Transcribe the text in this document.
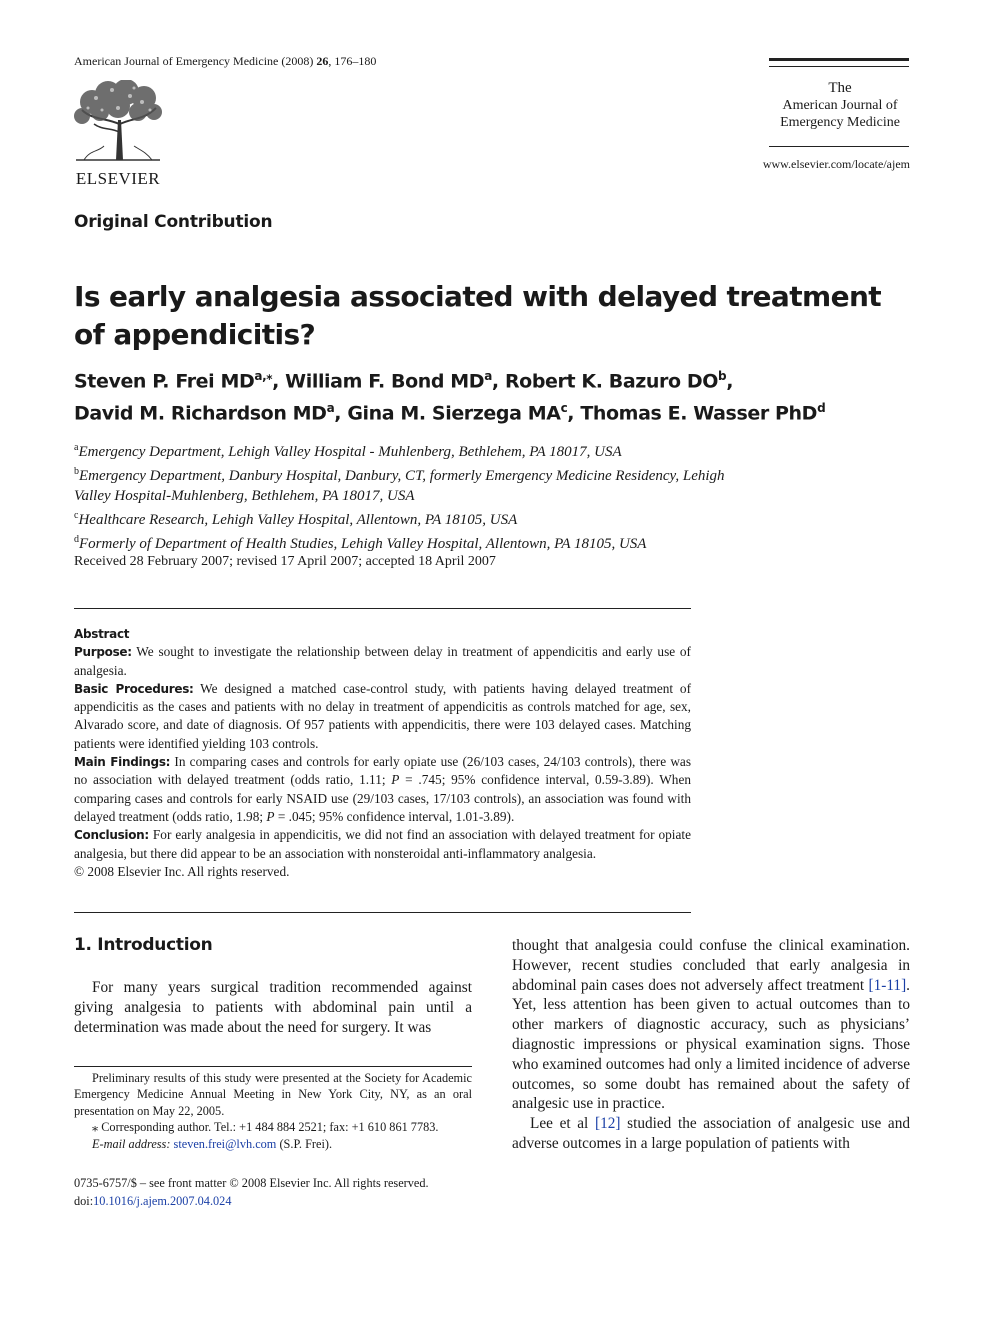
American Journal of Emergency Medicine (2008) 26, 176–180
ELSEVIER
The
American Journal of
Emergency Medicine
www.elsevier.com/locate/ajem
Original Contribution
Is early analgesia associated with delayed treatment of appendicitis?
Steven P. Frei $MD^{a,⁎}$, William F. Bond $MD^a$, Robert K. Bazuro $DO^b$,
David M. Richardson $MD^a$, Gina M. Sierzega $MA^c$, Thomas E. Wasser PhD$^d$
$^a$Emergency Department, Lehigh Valley Hospital - Muhlenberg, Bethlehem, PA 18017, USA
$^b$Emergency Department, Danbury Hospital, Danbury, CT, formerly Emergency Medicine Residency, Lehigh Valley Hospital-Muhlenberg, Bethlehem, PA 18017, USA
$^c$Healthcare Research, Lehigh Valley Hospital, Allentown, PA 18105, USA
$^d$Formerly of Department of Health Studies, Lehigh Valley Hospital, Allentown, PA 18105, USA
Received 28 February 2007; revised 17 April 2007; accepted 18 April 2007

Abstract

Purpose: We sought to investigate the relationship between delay in treatment of appendicitis and early use of analgesia.

Basic Procedures: We designed a matched case-control study, with patients having delayed treatment of appendicitis as the cases and patients with no delay in treatment of appendicitis as controls matched for age, sex, Alvarado score, and date of diagnosis. Of 957 patients with appendicitis, there were 103 delayed cases. Matching patients were identified yielding 103 controls.

Main Findings: In comparing cases and controls for early opiate use (26/103 cases, 24/103 controls), there was no association with delayed treatment (odds ratio, 1.11; P = .745; 95% confidence interval, 0.59-3.89). When comparing cases and controls for early NSAID use (29/103 cases, 17/103 controls), an association was found with delayed treatment (odds ratio, 1.98; P = .045; 95% confidence interval, 1.01-3.89).

Conclusion: For early analgesia in appendicitis, we did not find an association with delayed treatment for opiate analgesia, but there did appear to be an association with nonsteroidal anti-inflammatory analgesia.

© 2008 Elsevier Inc. All rights reserved.

1. Introduction

For many years surgical tradition recommended against giving analgesia to patients with abdominal pain until a determination was made about the need for surgery. It was

thought that analgesia could confuse the clinical examination. However, recent studies concluded that early analgesia in abdominal pain cases does not adversely affect treatment [1-11]. Yet, less attention has been given to actual outcomes than to other markers of diagnostic accuracy, such as physicians’ diagnostic impressions or physical examination signs. Those who examined outcomes had only a limited incidence of adverse outcomes, so some doubt has remained about the safety of analgesic use in practice.

Lee et al [12] studied the association of analgesic use and adverse outcomes in a large population of patients with

Preliminary results of this study were presented at the Society for Academic Emergency Medicine Annual Meeting in New York City, NY, as an oral presentation on May 22, 2005.

⁎ Corresponding author. Tel.: +1 484 884 2521; fax: +1 610 861 7783.

E-mail address: steven.frei@lvh.com (S.P. Frei).

0735-6757/$ – see front matter © 2008 Elsevier Inc. All rights reserved.
doi:10.1016/j.ajem.2007.04.024
